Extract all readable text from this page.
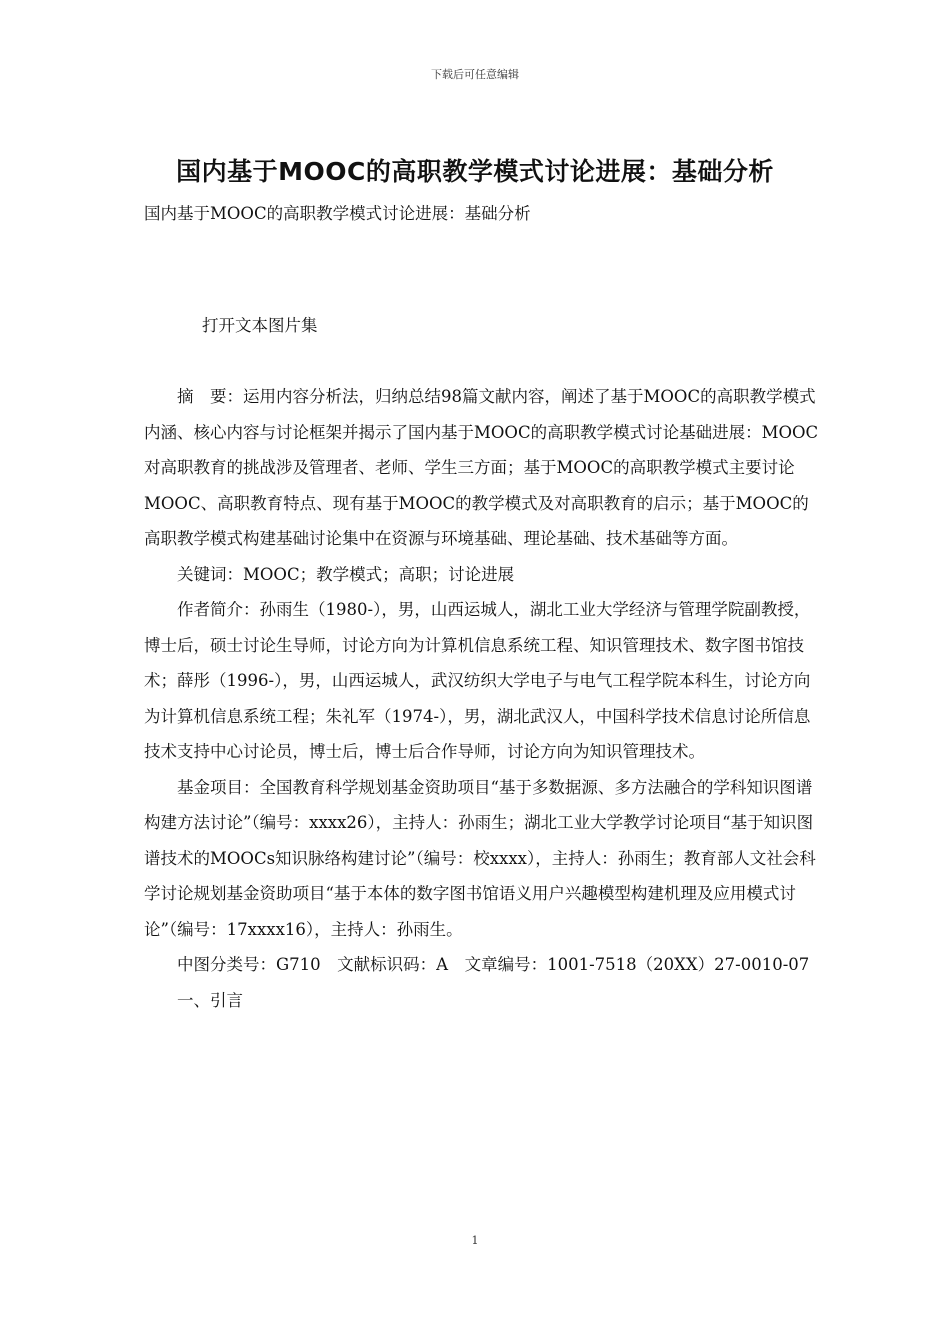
下载后可任意编辑
国内基于MOOC的高职教学模式讨论进展：基础分析
国内基于MOOC的高职教学模式讨论进展：基础分析
打开文本图片集

摘　要：运用内容分析法，归纳总结98篇文献内容，阐述了基于MOOC的高职教学模式内涵、核心内容与讨论框架并揭示了国内基于MOOC的高职教学模式讨论基础进展：MOOC对高职教育的挑战涉及管理者、老师、学生三方面；基于MOOC的高职教学模式主要讨论MOOC、高职教育特点、现有基于MOOC的教学模式及对高职教育的启示；基于MOOC的高职教学模式构建基础讨论集中在资源与环境基础、理论基础、技术基础等方面。

关键词：MOOC；教学模式；高职；讨论进展

作者简介：孙雨生（1980-），男，山西运城人，湖北工业大学经济与管理学院副教授，博士后，硕士讨论生导师，讨论方向为计算机信息系统工程、知识管理技术、数字图书馆技术；薛彤（1996-），男，山西运城人，武汉纺织大学电子与电气工程学院本科生，讨论方向为计算机信息系统工程；朱礼军（1974-），男，湖北武汉人，中国科学技术信息讨论所信息技术支持中心讨论员，博士后，博士后合作导师，讨论方向为知识管理技术。

基金项目：全国教育科学规划基金资助项目“基于多数据源、多方法融合的学科知识图谱构建方法讨论”（编号：xxxx26），主持人：孙雨生；湖北工业大学教学讨论项目“基于知识图谱技术的MOOCs知识脉络构建讨论”（编号：校xxxx），主持人：孙雨生；教育部人文社会科学讨论规划基金资助项目“基于本体的数字图书馆语义用户兴趣模型构建机理及应用模式讨论”（编号：17xxxx16），主持人：孙雨生。

中图分类号：G710　文献标识码：A　文章编号：1001-7518（20XX）27-0010-07

一、引言

1
